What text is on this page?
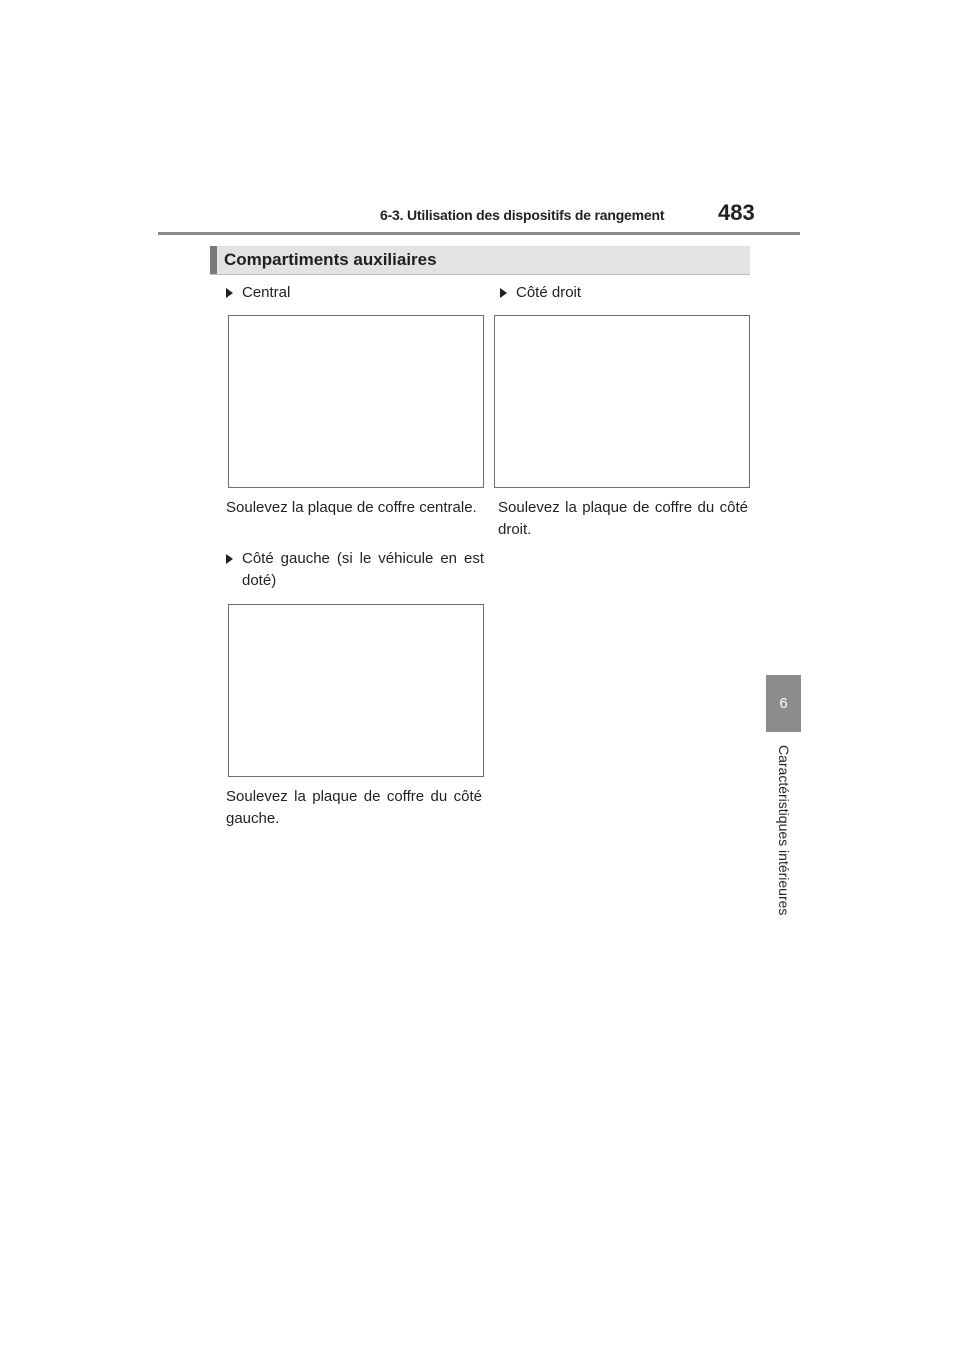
6-3. Utilisation des dispositifs de rangement 483
6
Caractéristiques intérieures
Compartiments auxiliaires
Central
Soulevez la plaque de coffre centrale.
Côté droit
Soulevez la plaque de coffre du côté droit.
Côté gauche (si le véhicule en est doté)
Soulevez la plaque de coffre du côté gauche.
